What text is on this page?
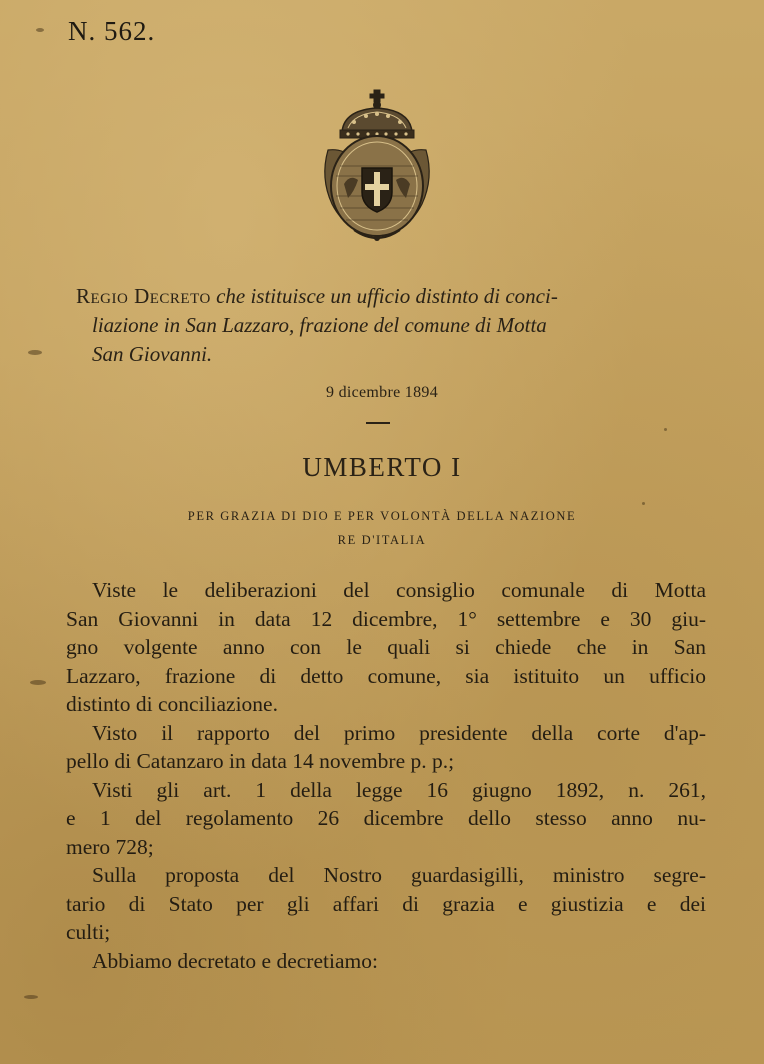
N. 562.
Regio Decreto che istituisce un ufficio distinto di conci-
liazione in San Lazzaro, frazione del comune di Motta
San Giovanni.
9 dicembre 1894
UMBERTO I
PER GRAZIA DI DIO E PER VOLONTÀ DELLA NAZIONE
RE D'ITALIA
Viste le deliberazioni del consiglio comunale di Motta
San Giovanni in data 12 dicembre, 1° settembre e 30 giu-
gno volgente anno con le quali si chiede che in San
Lazzaro, frazione di detto comune, sia istituito un ufficio
distinto di conciliazione.
Visto il rapporto del primo presidente della corte d'ap-
pello di Catanzaro in data 14 novembre p. p.;
Visti gli art. 1 della legge 16 giugno 1892, n. 261,
e 1 del regolamento 26 dicembre dello stesso anno nu-
mero 728;
Sulla proposta del Nostro guardasigilli, ministro segre-
tario di Stato per gli affari di grazia e giustizia e dei
culti;
Abbiamo decretato e decretiamo:
